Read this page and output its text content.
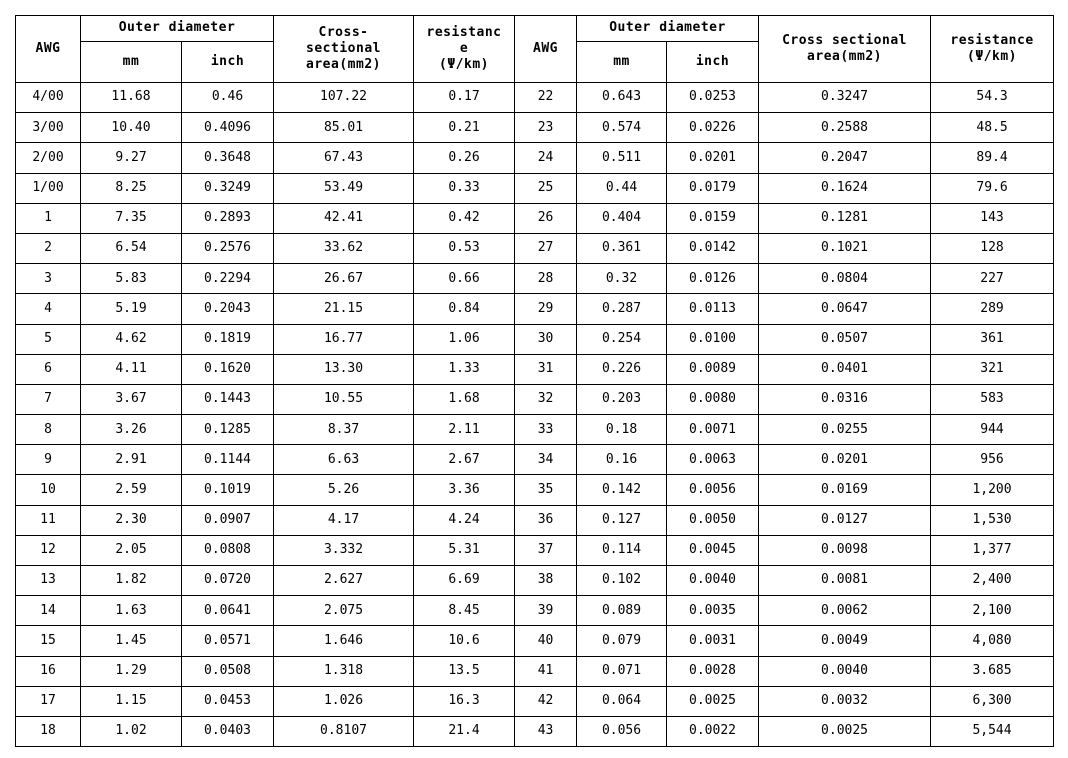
AWG	Outer diameter		Cross-
sectional
area(mm2)	resistanc
e
(Ψ/km)	AWG	Outer diameter		Cross sectional
area(mm2)	resistance
(Ψ/km)
	mm	inch				mm	inch		
4/00	11.68	0.46	107.22	0.17	22	0.643	0.0253	0.3247	54.3
3/00	10.40	0.4096	85.01	0.21	23	0.574	0.0226	0.2588	48.5
2/00	9.27	0.3648	67.43	0.26	24	0.511	0.0201	0.2047	89.4
1/00	8.25	0.3249	53.49	0.33	25	0.44	0.0179	0.1624	79.6
1	7.35	0.2893	42.41	0.42	26	0.404	0.0159	0.1281	143
2	6.54	0.2576	33.62	0.53	27	0.361	0.0142	0.1021	128
3	5.83	0.2294	26.67	0.66	28	0.32	0.0126	0.0804	227
4	5.19	0.2043	21.15	0.84	29	0.287	0.0113	0.0647	289
5	4.62	0.1819	16.77	1.06	30	0.254	0.0100	0.0507	361
6	4.11	0.1620	13.30	1.33	31	0.226	0.0089	0.0401	321
7	3.67	0.1443	10.55	1.68	32	0.203	0.0080	0.0316	583
8	3.26	0.1285	8.37	2.11	33	0.18	0.0071	0.0255	944
9	2.91	0.1144	6.63	2.67	34	0.16	0.0063	0.0201	956
10	2.59	0.1019	5.26	3.36	35	0.142	0.0056	0.0169	1,200
11	2.30	0.0907	4.17	4.24	36	0.127	0.0050	0.0127	1,530
12	2.05	0.0808	3.332	5.31	37	0.114	0.0045	0.0098	1,377
13	1.82	0.0720	2.627	6.69	38	0.102	0.0040	0.0081	2,400
14	1.63	0.0641	2.075	8.45	39	0.089	0.0035	0.0062	2,100
15	1.45	0.0571	1.646	10.6	40	0.079	0.0031	0.0049	4,080
16	1.29	0.0508	1.318	13.5	41	0.071	0.0028	0.0040	3.685
17	1.15	0.0453	1.026	16.3	42	0.064	0.0025	0.0032	6,300
18	1.02	0.0403	0.8107	21.4	43	0.056	0.0022	0.0025	5,544
